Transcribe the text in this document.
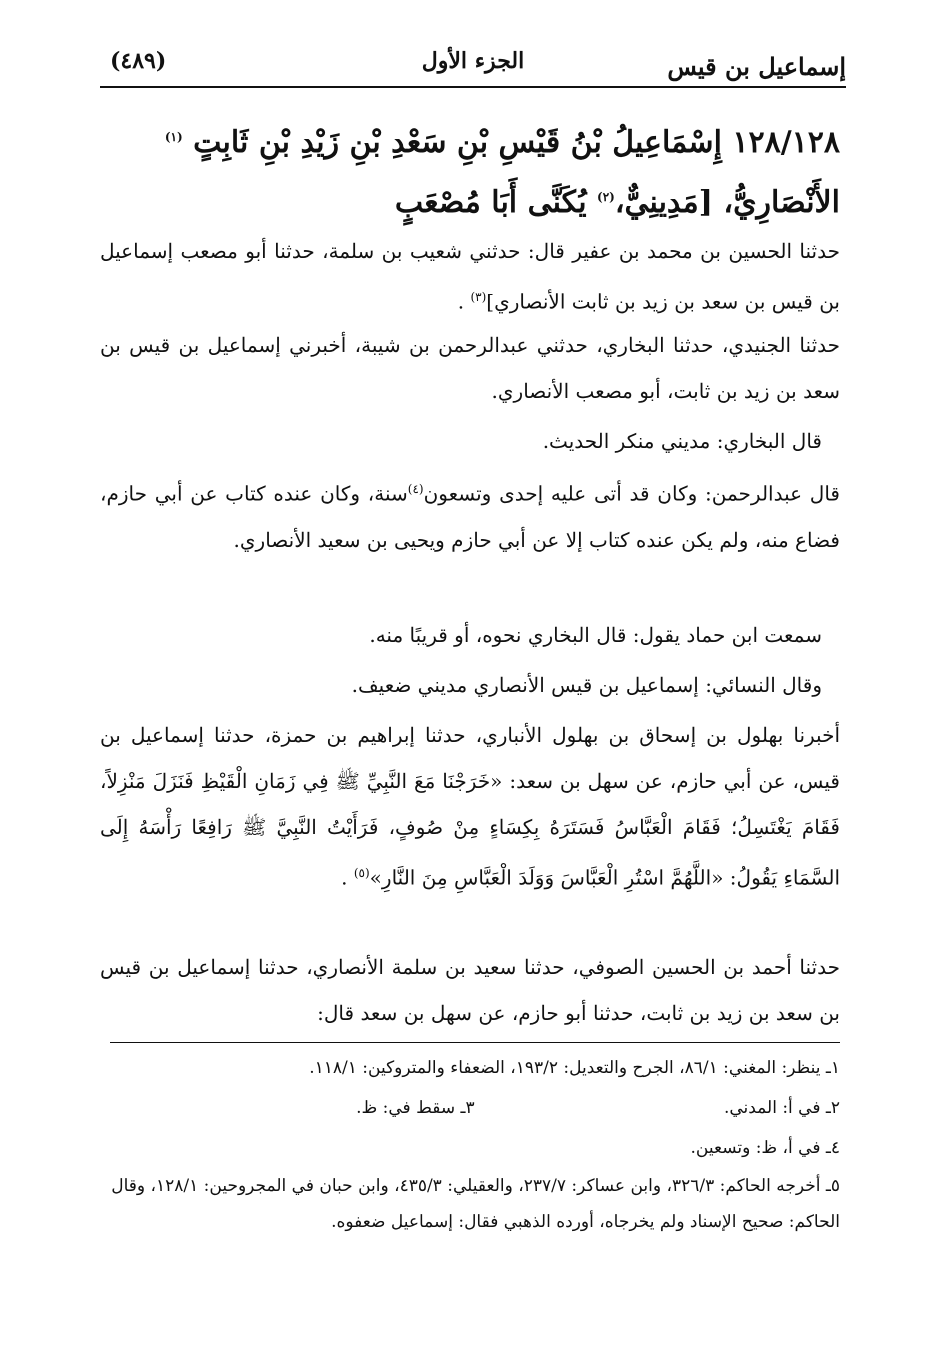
إسماعيل بن قيس
الجزء الأول
(٤٨٩)
١٢٨/١٢٨ إِسْمَاعِيلُ بْنُ قَيْسِ بْنِ سَعْدِ بْنِ زَيْدِ بْنِ ثَابِتٍ $^{(١)}$
الأَنْصَارِيُّ، [مَدِينِيٌّ،$^{(٢)}$ يُكَنَّى أَبَا مُصْعَبٍ
حدثنا الحسين بن محمد بن عفير قال: حدثني شعيب بن سلمة، حدثنا أبو مصعب إسماعيل بن قيس بن سعد بن زيد بن ثابت الأنصاري]$^{(٣)}$ .
حدثنا الجنيدي، حدثنا البخاري، حدثني عبدالرحمن بن شيبة، أخبرني إسماعيل بن قيس بن سعد بن زيد بن ثابت، أبو مصعب الأنصاري.
قال البخاري: مديني منكر الحديث.
قال عبدالرحمن: وكان قد أتى عليه إحدى وتسعون$^{(٤)}$سنة، وكان عنده كتاب عن أبي حازم، فضاع منه، ولم يكن عنده كتاب إلا عن أبي حازم ويحيى بن سعيد الأنصاري.
سمعت ابن حماد يقول: قال البخاري نحوه، أو قريبًا منه.
وقال النسائي: إسماعيل بن قيس الأنصاري مديني ضعيف.
أخبرنا بهلول بن إسحاق بن بهلول الأنباري، حدثنا إبراهيم بن حمزة، حدثنا إسماعيل بن قيس، عن أبي حازم، عن سهل بن سعد: «خَرَجْنَا مَعَ النَّبِيِّ ﷺ فِي زَمَانِ الْقَيْظِ فَنَزَلَ مَنْزِلاً، فَقَامَ يَغْتَسِلُ؛ فَقَامَ الْعَبَّاسُ فَسَتَرَهُ بِكِسَاءٍ مِنْ صُوفٍ، فَرَأَيْتُ النَّبِيَّ ﷺ رَافِعًا رَأْسَهُ إِلَى السَّمَاءِ يَقُولُ: «اللَّهُمَّ اسْتُرِ الْعَبَّاسَ وَوَلَدَ الْعَبَّاسِ مِنَ النَّارِ»$^{(٥)}$ .
حدثنا أحمد بن الحسين الصوفي، حدثنا سعيد بن سلمة الأنصاري، حدثنا إسماعيل بن قيس بن سعد بن زيد بن ثابت، حدثنا أبو حازم، عن سهل بن سعد قال:
١ـ ينظر: المغني: ٨٦/١، الجرح والتعديل: ١٩٣/٢، الضعفاء والمتروكين: ١١٨/١.
٢ـ في أ: المدني. ٣ـ سقط في: ظ.
٤ـ في أ، ظ: وتسعين.
٥ـ أخرجه الحاكم: ٣٢٦/٣، وابن عساكر: ٢٣٧/٧، والعقيلي: ٤٣٥/٣، وابن حبان في المجروحين: ١٢٨/١، وقال الحاكم: صحيح الإسناد ولم يخرجاه، أورده الذهبي فقال: إسماعيل ضعفوه.
